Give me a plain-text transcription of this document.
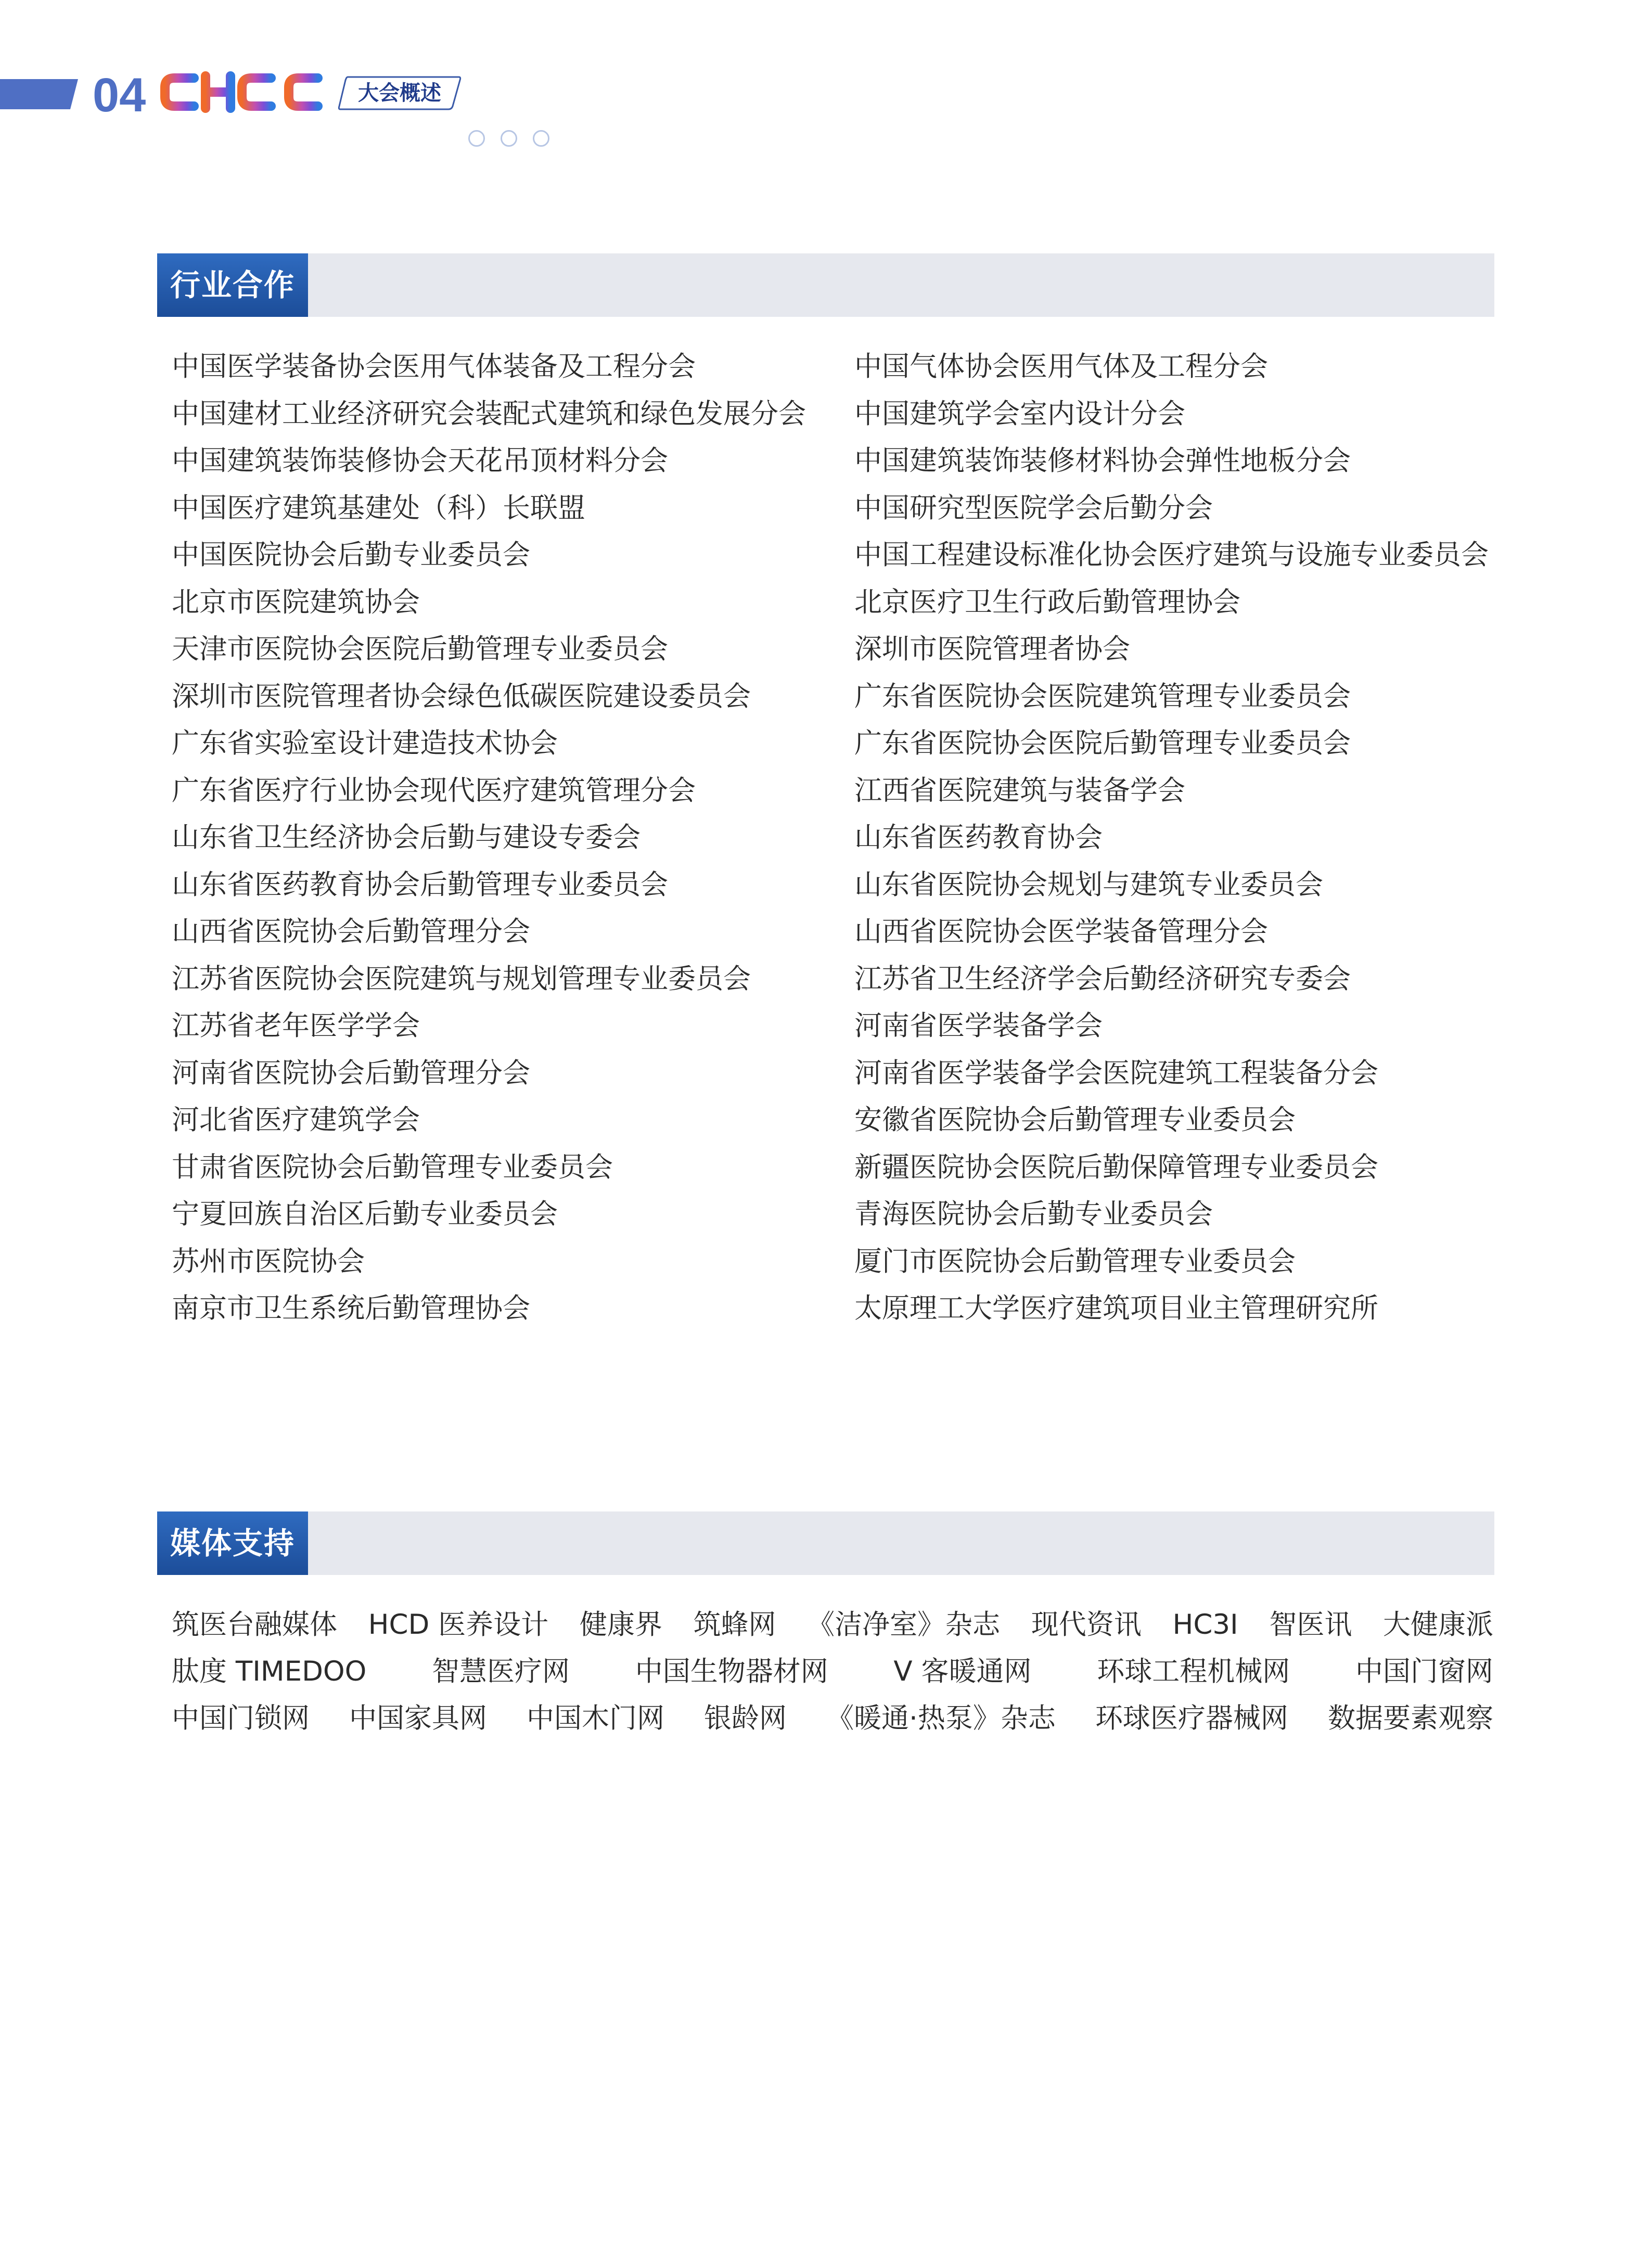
04	大会概述
行业合作
中国医学装备协会医用气体装备及工程分会	中国气体协会医用气体及工程分会
中国建材工业经济研究会装配式建筑和绿色发展分会 中国建筑学会室内设计分会
中国建筑装饰装修协会天花吊顶材料分会	中国建筑装饰装修材料协会弹性地板分会
中国医疗建筑基建处（科）长联盟	中国研究型医院学会后勤分会
中国医院协会后勤专业委员会	中国工程建设标准化协会医疗建筑与设施专业委员会
北京市医院建筑协会	北京医疗卫生行政后勤管理协会
天津市医院协会医院后勤管理专业委员会	深圳市医院管理者协会
深圳市医院管理者协会绿色低碳医院建设委员会	广东省医院协会医院建筑管理专业委员会
广东省实验室设计建造技术协会	广东省医院协会医院后勤管理专业委员会
广东省医疗行业协会现代医疗建筑管理分会	江西省医院建筑与装备学会
山东省卫生经济协会后勤与建设专委会	山东省医药教育协会
山东省医药教育协会后勤管理专业委员会	山东省医院协会规划与建筑专业委员会
山西省医院协会后勤管理分会	山西省医院协会医学装备管理分会
江苏省医院协会医院建筑与规划管理专业委员会	江苏省卫生经济学会后勤经济研究专委会
江苏省老年医学学会	河南省医学装备学会
河南省医院协会后勤管理分会	河南省医学装备学会医院建筑工程装备分会
河北省医疗建筑学会	安徽省医院协会后勤管理专业委员会
甘肃省医院协会后勤管理专业委员会	新疆医院协会医院后勤保障管理专业委员会
宁夏回族自治区后勤专业委员会	青海医院协会后勤专业委员会
苏州市医院协会	厦门市医院协会后勤管理专业委员会
南京市卫生系统后勤管理协会	太原理工大学医疗建筑项目业主管理研究所
媒体支持
筑医台融媒体 HCD 医养设计 健康界 筑蜂网 《洁净室》杂志 现代资讯 HC3I 智医讯 大健康派
肽度 TIMEDOO 智慧医疗网 中国生物器材网 V 客暖通网 环球工程机械网 中国门窗网
中国门锁网 中国家具网 中国木门网 银龄网 《暖通·热泵》杂志 环球医疗器械网 数据要素观察
